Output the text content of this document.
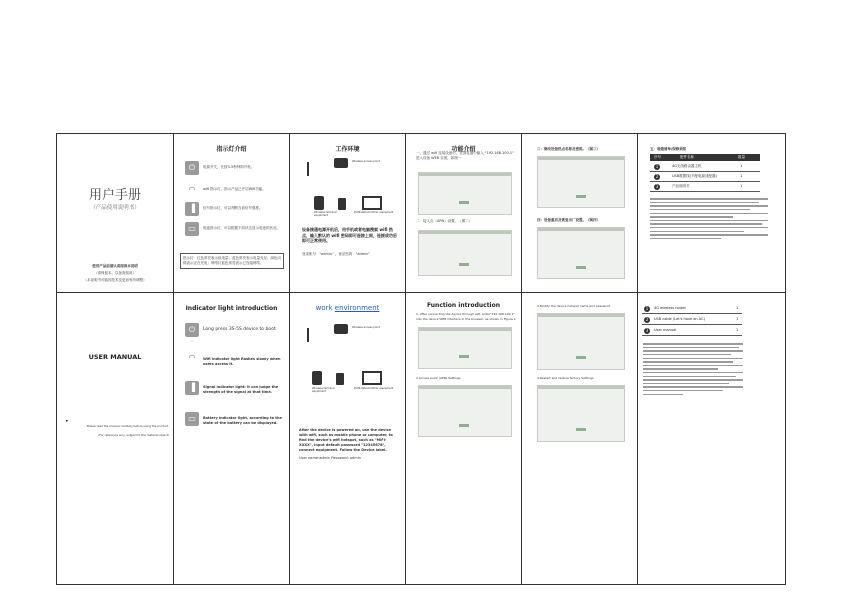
用户手册
（产品使用说明书）
使用产品前请认真阅读本说明
（请保留本，以备查阅用）
（本说明书可能因技术变更而有所调整）
指示灯介绍
⏻	电源开关，长按3-5秒钟即开机。
◠	wifi 指示灯，指示产品已开启Wifi功能。
▐	信号指示灯，可以判断当前信号强度。
▭	电池指示灯，可以根据不同状态显示电池的状况。
指示灯：红色常亮表示低电量；蓝色常亮表示电量充足；绿色闪烁表示正在充电；网络灯蓝色常亮表示已连接网络。
工作环境
Wireless access point
Wireless terminal equipment
PC/Notebook/other equipment
设备接通电源开机后，用手机或者电脑搜索 wifi 热点，输入默认的 wifi 密码即可连接上网，连接成功后即可正常使用。
登录帐号："admin" ，登录密码："admin"
功能介绍
一、通过 wifi 连接设备后，在浏览器中输入 "192.168.100.1" 进入设备 WEB 页面，如图一
二：接入点（APN）设置。（图二）
三：修改设备热点名称及密码。（图三）
四：设备重启及恢复出厂设置。（图四）
五：装箱清单/保修须知
序号	配件名称	数量
1	4G无线路由器主机	1
2	USB数据线(不配电源适配器)	1
3	产品说明书	1
USER MANUAL
•
Please read the manual carefully before using the product.
(For reference only, subject to the material object)
Indicator light introduction
⏻	Long press 3S-5S device to boot
◠	Wifi indicator light flashes slowly when users access it.
▐	Signal indicator light: it can judge the strength of the signal at that time.
▭	Battery indicator light, according to the state of the battery can be displayed.
work environment
Wireless access point
Wireless terminal equipment
PC/Notebook/other equipment
After the device is powered on, use the device with wifi, such as mobile phone or computer, to find the device's wifi hotspot, such as "MiFi-XXXX", input default password "12345678", connect equipment. Follow the Device label.
User name:admin Password: admin
Function introduction
1. After connecting the device through wifi, enter"192.168.100.1" into the device WEB interface in the browser, as shown in Figure 1
2.Access point (APN) Settings
3.Modify the device hotspot name and password
4.Restart and restore factory Settings
1	4G wireless router	1
2	USB cable (Let's have an AC)	1
3	User manual	1
